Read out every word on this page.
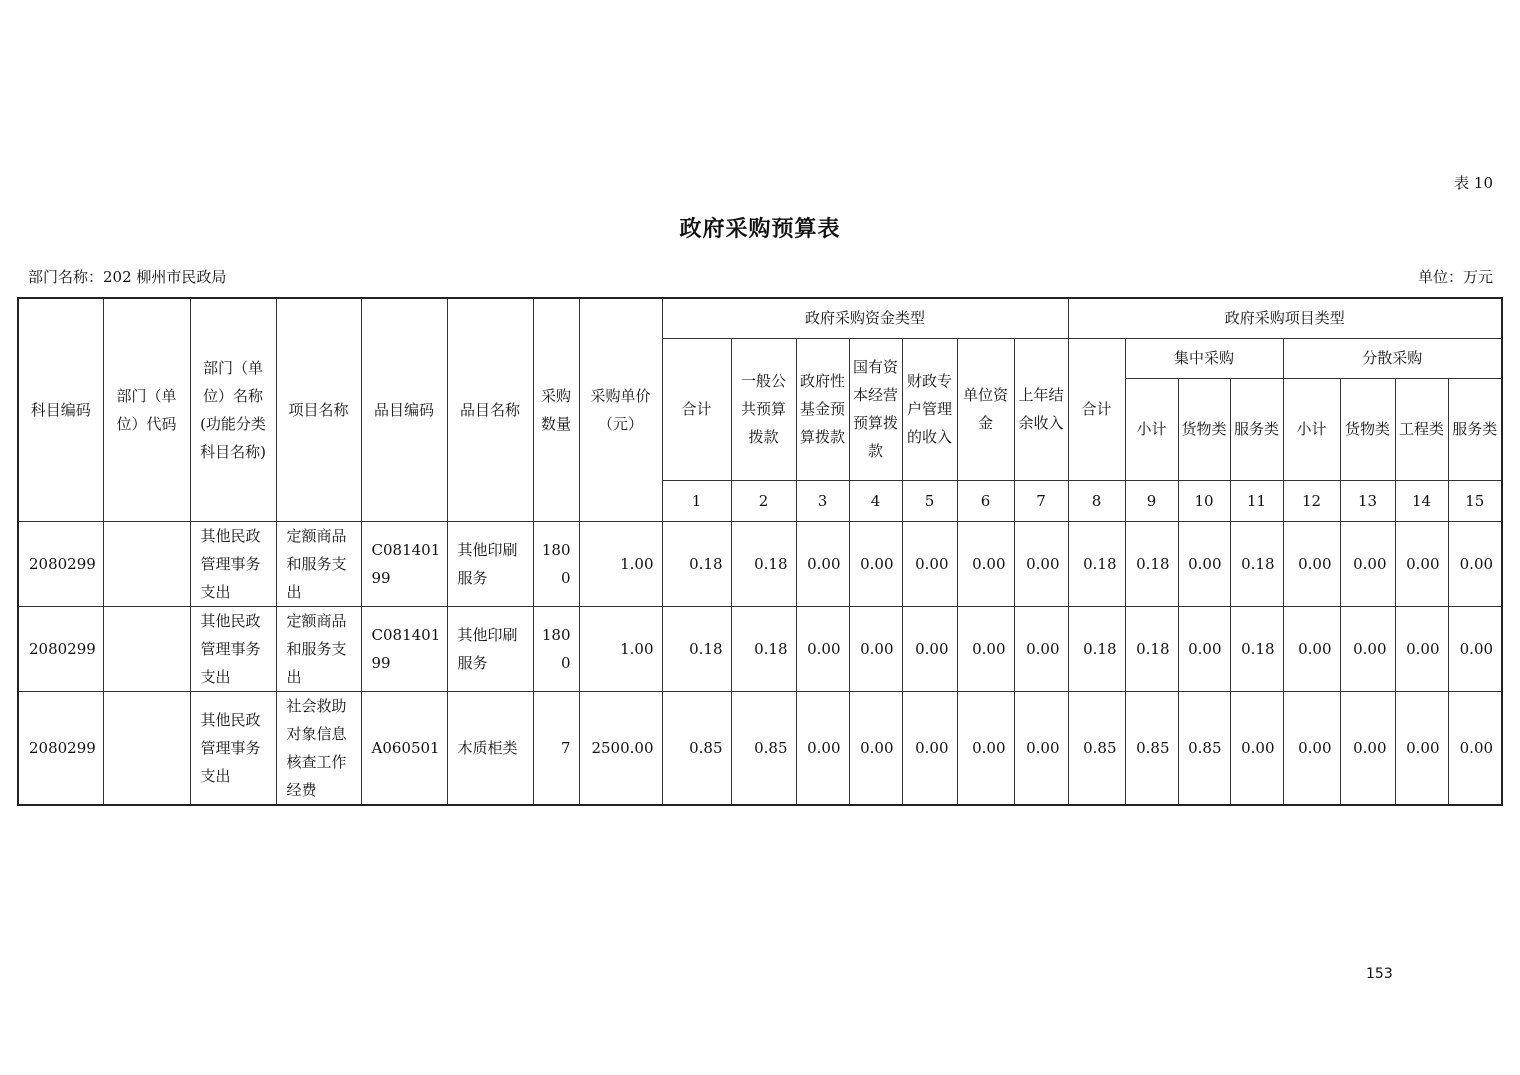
表 10
政府采购预算表
部门名称：202 柳州市民政局	单位：万元
科目编码	部门（单位）代码	部门（单位）名称(功能分类科目名称)	项目名称	品目编码	品目名称	采购数量	采购单价（元）	政府采购资金类型							政府采购项目类型							
								合计	一般公共预算拨款	政府性基金预算拨款	国有资本经营预算拨款	财政专户管理的收入	单位资金	上年结余收入	合计	集中采购			分散采购			
																小计	货物类	服务类	小计	货物类	工程类	服务类
								1	2	3	4	5	6	7	8	9	10	11	12	13	14	15
2080299		其他民政管理事务支出	定额商品和服务支出	C08140199	其他印刷服务	1800	1.00	0.18	0.18	0.00	0.00	0.00	0.00	0.00	0.18	0.18	0.00	0.18	0.00	0.00	0.00	0.00
2080299		其他民政管理事务支出	定额商品和服务支出	C08140199	其他印刷服务	1800	1.00	0.18	0.18	0.00	0.00	0.00	0.00	0.00	0.18	0.18	0.00	0.18	0.00	0.00	0.00	0.00
2080299		其他民政管理事务支出	社会救助对象信息核查工作经费	A060501	木质柜类	7	2500.00	0.85	0.85	0.00	0.00	0.00	0.00	0.00	0.85	0.85	0.85	0.00	0.00	0.00	0.00	0.00
153
